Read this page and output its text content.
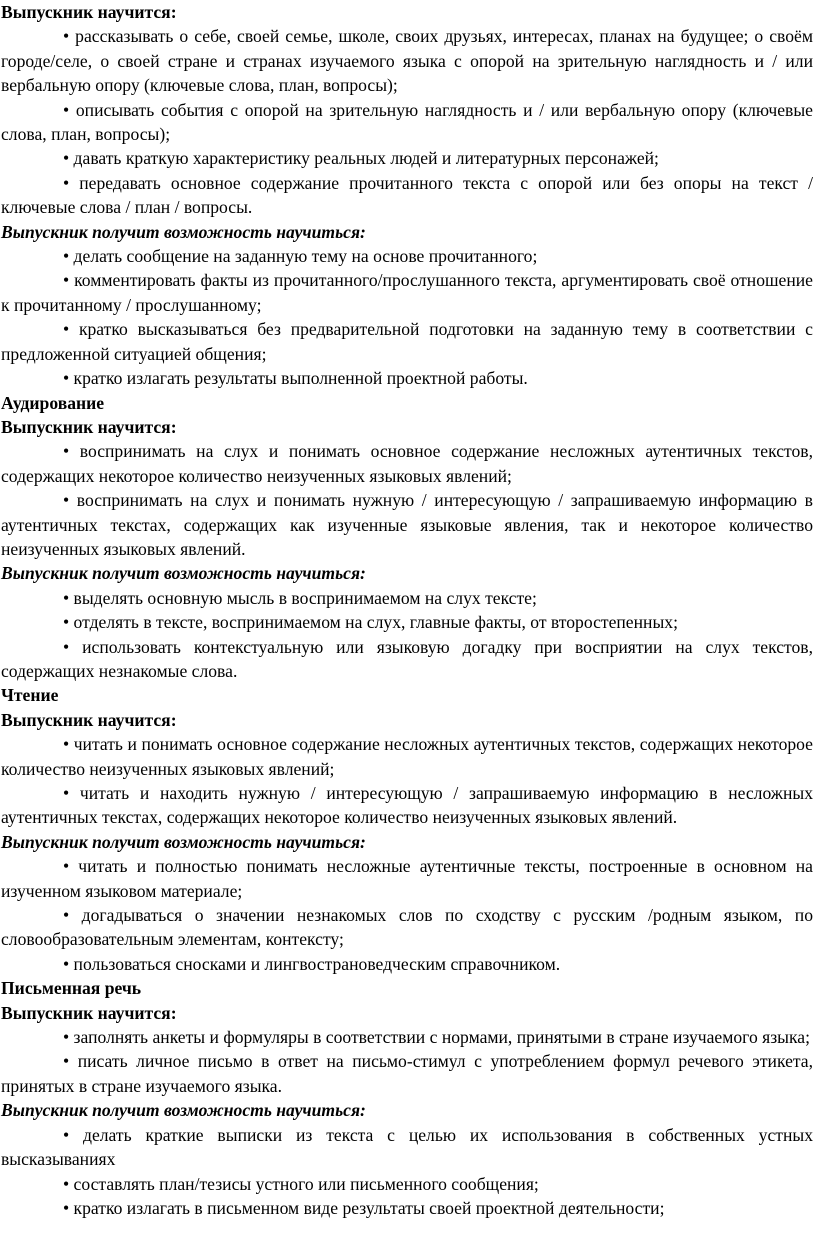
Выпускник научится:

• рассказывать о себе, своей семье, школе, своих друзьях, интересах, планах на будущее; о своём городе/селе, о своей стране и странах изучаемого языка с опорой на зрительную наглядность и / или вербальную опору (ключевые слова, план, вопросы);

• описывать события с опорой на зрительную наглядность и / или вербальную опору (ключевые слова, план, вопросы);

• давать краткую характеристику реальных людей и литературных персонажей;

• передавать основное содержание прочитанного текста с опорой или без опоры на текст / ключевые слова / план / вопросы.

Выпускник получит возможность научиться:

• делать сообщение на заданную тему на основе прочитанного;

• комментировать факты из прочитанного/прослушанного текста, аргументировать своё отношение к прочитанному / прослушанному;

• кратко высказываться без предварительной подготовки на заданную тему в соответствии с предложенной ситуацией общения;

• кратко излагать результаты выполненной проектной работы.

Аудирование
Выпускник научится:

• воспринимать на слух и понимать основное содержание несложных аутентичных текстов, содержащих некоторое количество неизученных языковых явлений;

• воспринимать на слух и понимать нужную / интересующую / запрашиваемую информацию в аутентичных текстах, содержащих как изученные языковые явления, так и некоторое количество неизученных языковых явлений.

Выпускник получит возможность научиться:

• выделять основную мысль в воспринимаемом на слух тексте;

• отделять в тексте, воспринимаемом на слух, главные факты, от второстепенных;

• использовать контекстуальную или языковую догадку при восприятии на слух текстов, содержащих незнакомые слова.

Чтение
Выпускник научится:

• читать и понимать основное содержание несложных аутентичных текстов, содержащих некоторое количество неизученных языковых явлений;

• читать и находить нужную / интересующую / запрашиваемую информацию в несложных аутентичных текстах, содержащих некоторое количество неизученных языковых явлений.

Выпускник получит возможность научиться:

• читать и полностью понимать несложные аутентичные тексты, построенные в основном на изученном языковом материале;

• догадываться о значении незнакомых слов по сходству с русским /родным языком, по словообразовательным элементам, контексту;

• пользоваться сносками и лингвострановедческим справочником.

Письменная речь
Выпускник научится:

• заполнять анкеты и формуляры в соответствии с нормами, принятыми в стране изучаемого языка;

• писать личное письмо в ответ на письмо-стимул с употреблением формул речевого этикета, принятых в стране изучаемого языка.

Выпускник получит возможность научиться:

• делать краткие выписки из текста с целью их использования в собственных устных высказываниях

• составлять план/тезисы устного или письменного сообщения;

• кратко излагать в письменном виде результаты своей проектной деятельности;
